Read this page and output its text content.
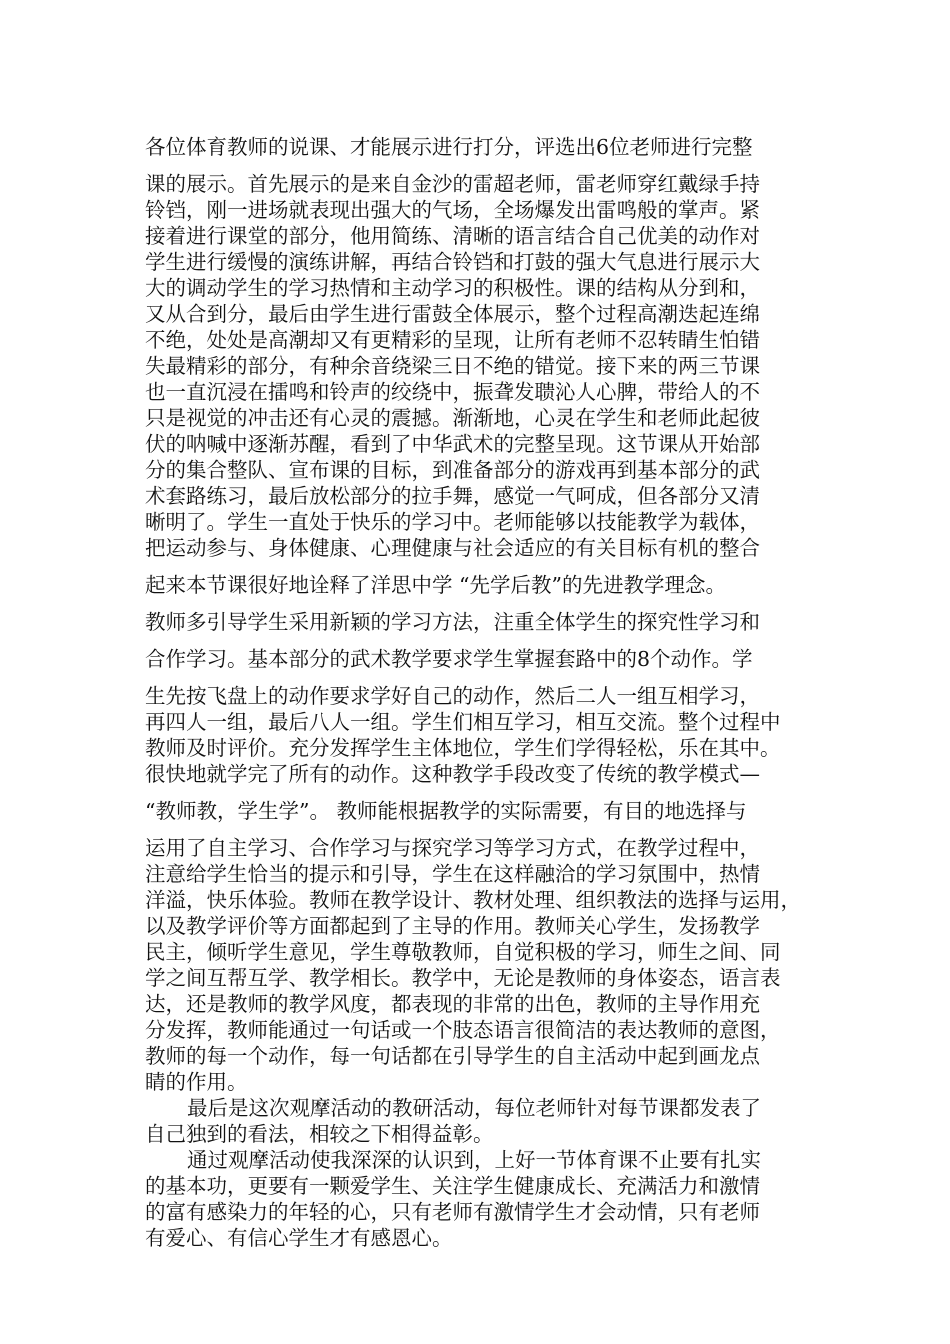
各位体育教师的说课、才能展示进行打分，评选出6位老师进行完整
课的展示。首先展示的是来自金沙的雷超老师，雷老师穿红戴绿手持
铃铛，刚一进场就表现出强大的气场，全场爆发出雷鸣般的掌声。紧
接着进行课堂的部分，他用简练、清晰的语言结合自己优美的动作对
学生进行缓慢的演练讲解，再结合铃铛和打鼓的强大气息进行展示大
大的调动学生的学习热情和主动学习的积极性。课的结构从分到和，
又从合到分，最后由学生进行雷鼓全体展示，整个过程高潮迭起连绵
不绝，处处是高潮却又有更精彩的呈现，让所有老师不忍转睛生怕错
失最精彩的部分，有种余音绕梁三日不绝的错觉。接下来的两三节课
也一直沉浸在擂鸣和铃声的绞绕中，振聋发聩沁人心脾，带给人的不
只是视觉的冲击还有心灵的震撼。渐渐地，心灵在学生和老师此起彼
伏的呐喊中逐渐苏醒，看到了中华武术的完整呈现。这节课从开始部
分的集合整队、宣布课的目标，到准备部分的游戏再到基本部分的武
术套路练习，最后放松部分的拉手舞，感觉一气呵成，但各部分又清
晰明了。学生一直处于快乐的学习中。老师能够以技能教学为载体，
把运动参与、身体健康、心理健康与社会适应的有关目标有机的整合
起来本节课很好地诠释了洋思中学 “先学后教”的先进教学理念。
教师多引导学生采用新颖的学习方法，注重全体学生的探究性学习和
合作学习。基本部分的武术教学要求学生掌握套路中的8个动作。学
生先按飞盘上的动作要求学好自己的动作，然后二人一组互相学习，
再四人一组，最后八人一组。学生们相互学习，相互交流。整个过程中
教师及时评价。充分发挥学生主体地位，学生们学得轻松，乐在其中。
很快地就学完了所有的动作。这种教学手段改变了传统的教学模式—
“教师教，学生学”。 教师能根据教学的实际需要，有目的地选择与
运用了自主学习、合作学习与探究学习等学习方式，在教学过程中，
注意给学生恰当的提示和引导，学生在这样融洽的学习氛围中，热情
洋溢，快乐体验。教师在教学设计、教材处理、组织教法的选择与运用，
以及教学评价等方面都起到了主导的作用。教师关心学生，发扬教学
民主，倾听学生意见，学生尊敬教师，自觉积极的学习，师生之间、同
学之间互帮互学、教学相长。教学中，无论是教师的身体姿态，语言表
达，还是教师的教学风度，都表现的非常的出色，教师的主导作用充
分发挥，教师能通过一句话或一个肢态语言很简洁的表达教师的意图，
教师的每一个动作，每一句话都在引导学生的自主活动中起到画龙点
睛的作用。
最后是这次观摩活动的教研活动，每位老师针对每节课都发表了
自己独到的看法，相较之下相得益彰。
通过观摩活动使我深深的认识到，上好一节体育课不止要有扎实
的基本功，更要有一颗爱学生、关注学生健康成长、充满活力和激情
的富有感染力的年轻的心，只有老师有激情学生才会动情，只有老师
有爱心、有信心学生才有感恩心。
